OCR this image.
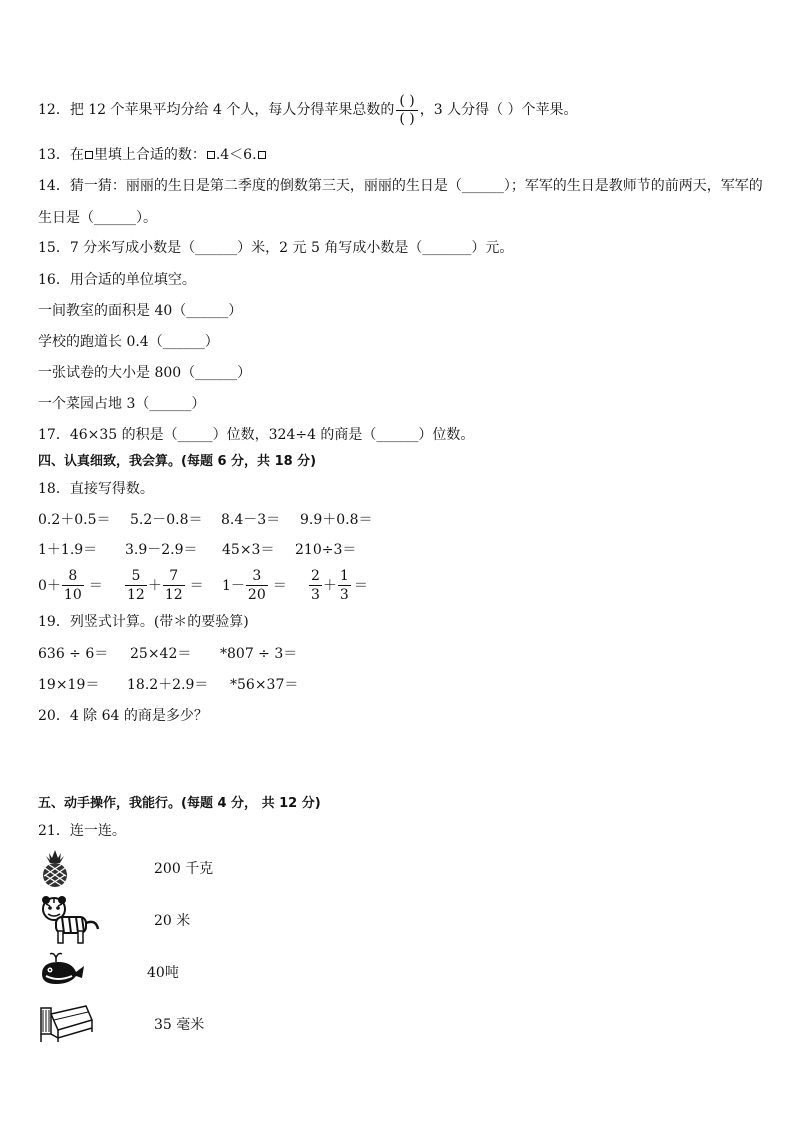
12．把 12 个苹果平均分给 4 个人，每人分得苹果总数的 $\frac{( )}{( )}$ ，3 人分得（ ）个苹果。
13．在 里填上合适的数： .4＜6.
14．猜一猜：丽丽的生日是第二季度的倒数第三天，丽丽的生日是（______）；军军的生日是教师节的前两天，军军的
生日是（______）。
15．7 分米写成小数是（______）米，2 元 5 角写成小数是（_______）元。
16．用合适的单位填空。
一间教室的面积是 40（______）
学校的跑道长 0.4（______）
一张试卷的大小是 800（______）
一个菜园占地 3（______）
17．46×35 的积是（_____）位数，324÷4 的商是（______）位数。
四、认真细致，我会算。(每题 6 分，共 18 分)
18．直接写得数。
0.2＋0.5＝ 5.2－0.8＝ 8.4－3＝ 9.9＋0.8＝
1＋1.9＝ 3.9－2.9＝ 45×3＝ 210÷3＝
$0+ \frac{8}{10} = \frac{5}{12} + \frac{7}{12} = 1- \frac{3}{20} = \frac{2}{3} + \frac{1}{3}$ ＝
19．列竖式计算。(带＊的要验算)
636 ÷ 6＝ 25×42＝ *807 ÷ 3＝
19×19＝ 18.2＋2.9＝ *56×37＝
20．4 除 64 的商是多少？
五、动手操作，我能行。(每题 4 分， 共 12 分)
21．连一连。
200 千克
20 米
40吨
35 毫米
